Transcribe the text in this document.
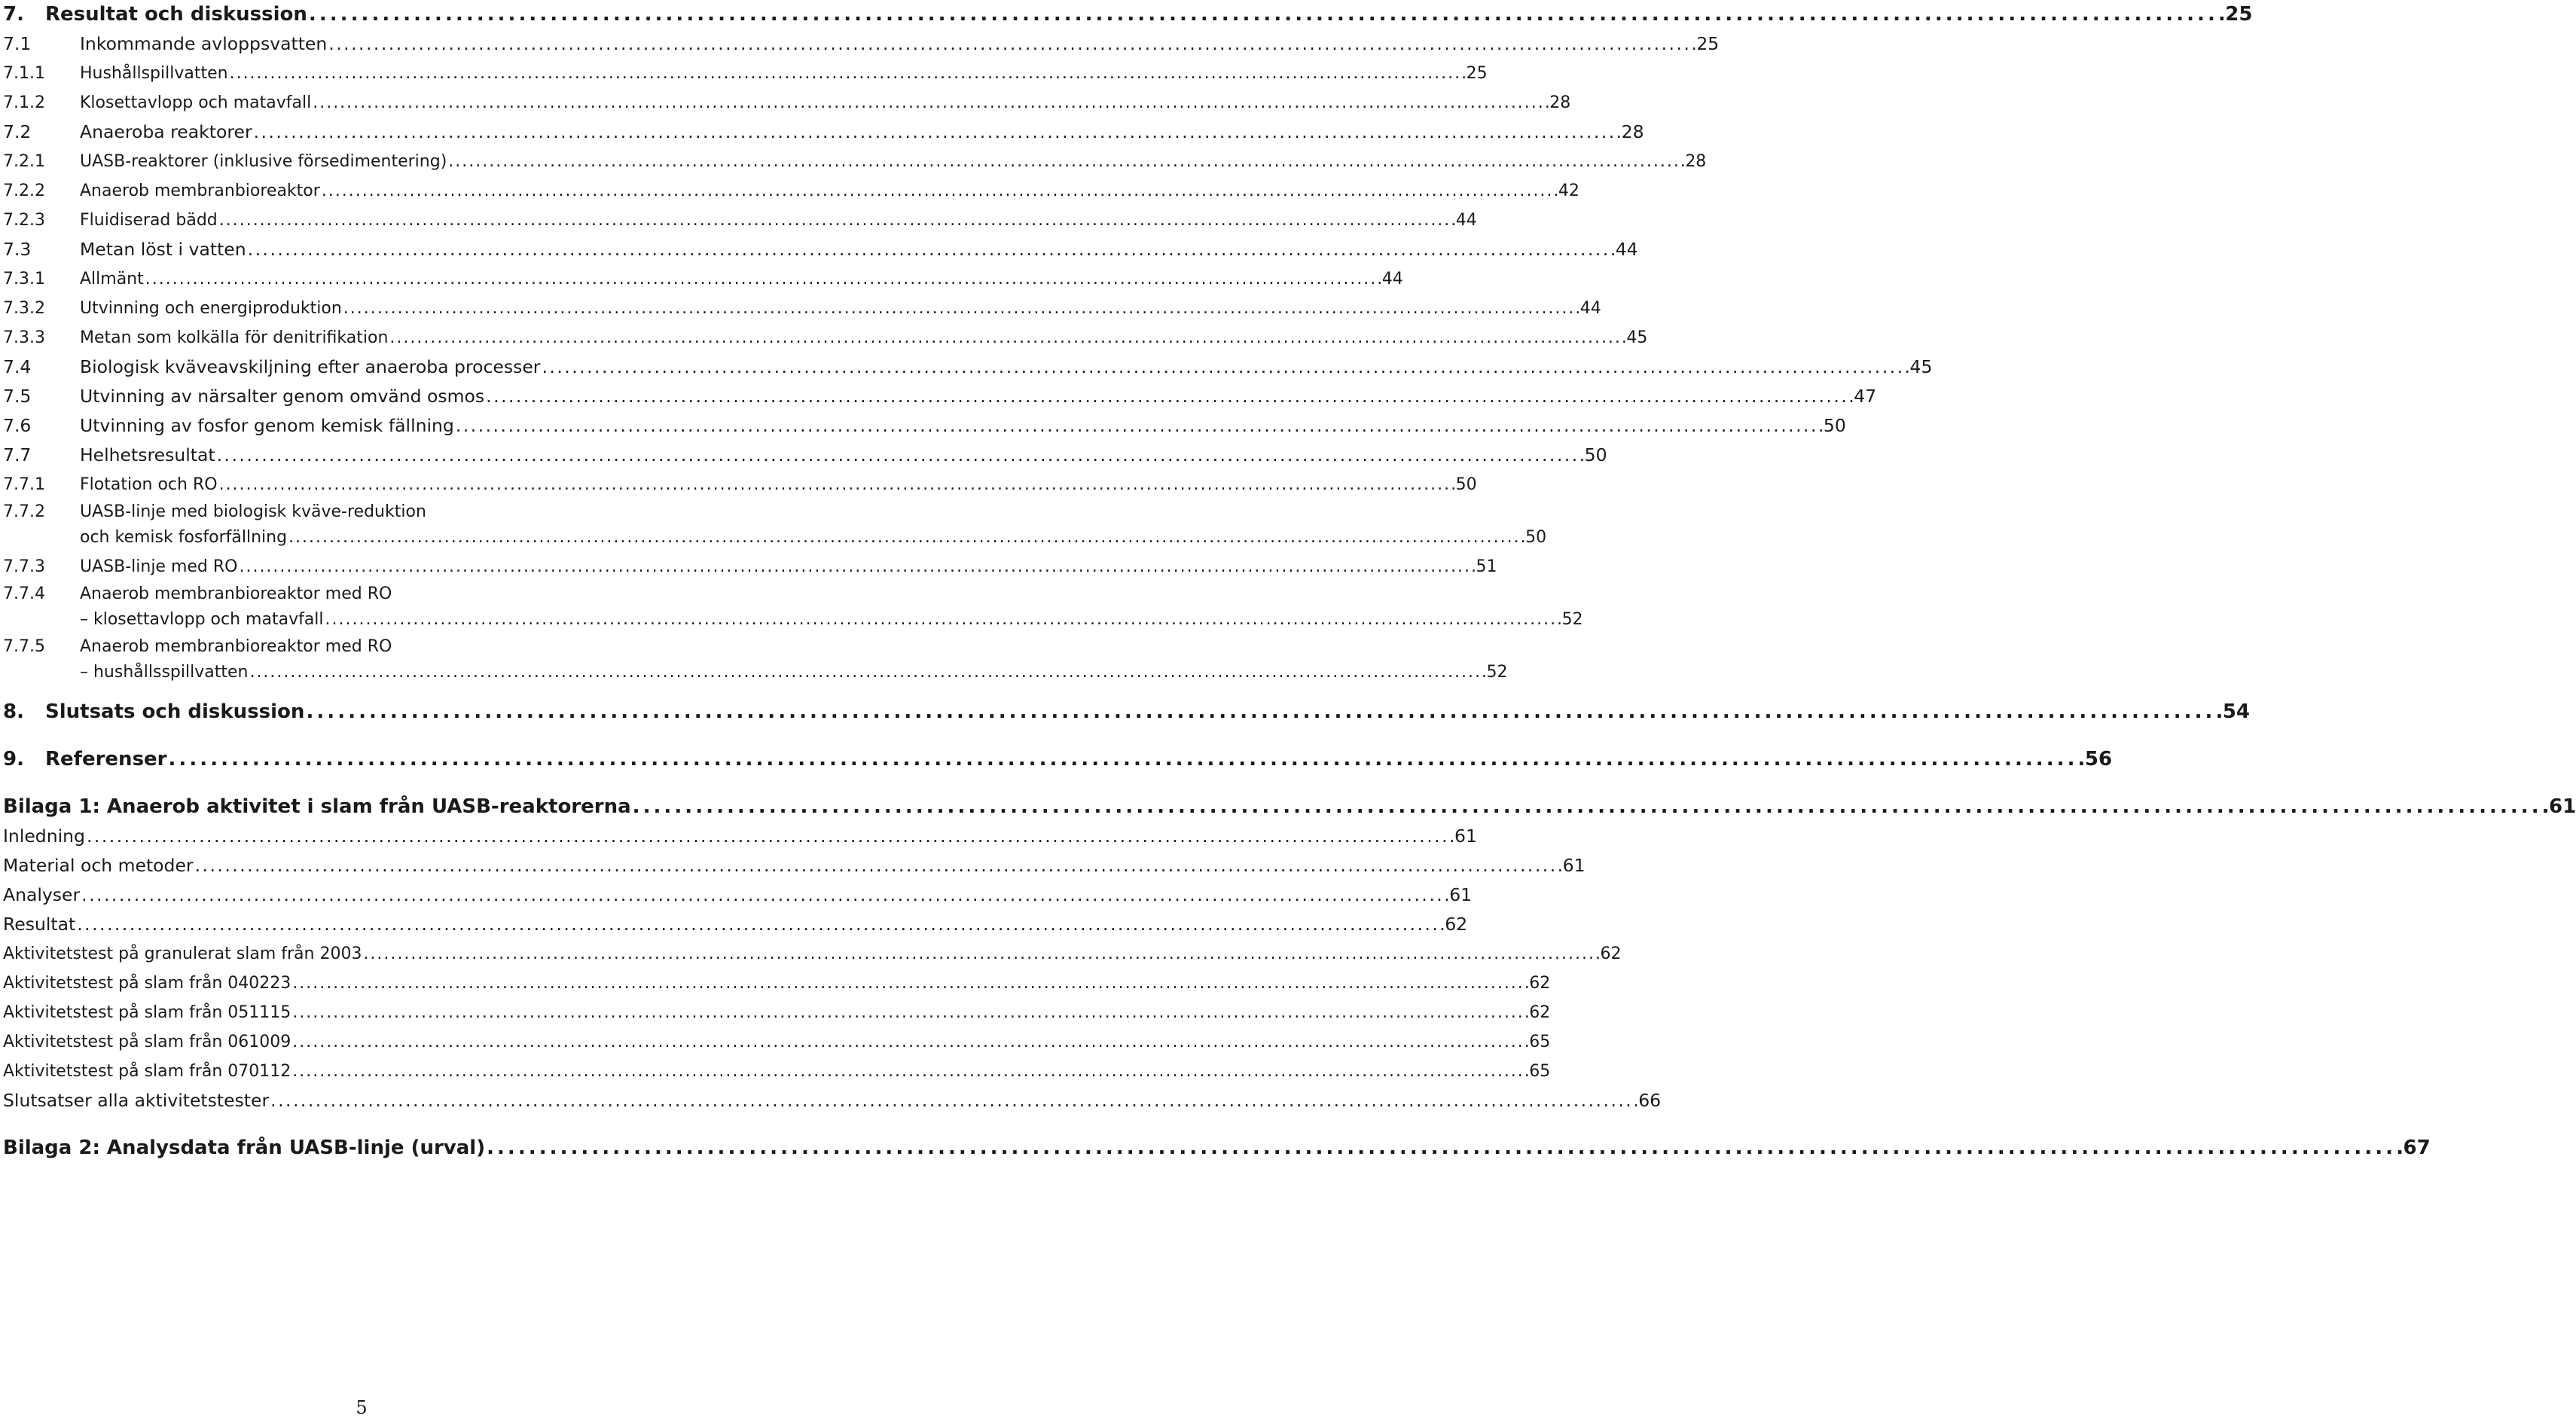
7.	Resultat och diskussion . . .	25
7.1	Inkommande avloppsvatten . . .	25
7.1.1	Hushållspillvatten . . .	25
7.1.2	Klosettavlopp och matavfall . . .	28
7.2	Anaeroba reaktorer . . .	28
7.2.1	UASB-reaktorer (inklusive försedimentering) . . .	28
7.2.2	Anaerob membranbioreaktor . . .	42
7.2.3	Fluidiserad bädd . . .	44
7.3	Metan löst i vatten . . .	44
7.3.1	Allmänt . . .	44
7.3.2	Utvinning och energiproduktion . . .	44
7.3.3	Metan som kolkälla för denitrifikation . . .	45
7.4	Biologisk kväveavskiljning efter anaeroba processer . . .	45
7.5	Utvinning av närsalter genom omvänd osmos . . .	47
7.6	Utvinning av fosfor genom kemisk fällning . . .	50
7.7	Helhetsresultat . . .	50
7.7.1	Flotation och RO . . .	50
7.7.2	UASB-linje med biologisk kväve-reduktion
och kemisk fosforfällning . . .	50
7.7.3	UASB-linje med RO . . .	51
7.7.4	Anaerob membranbioreaktor med RO
– klosettavlopp och matavfall . . .	52
7.7.5	Anaerob membranbioreaktor med RO
– hushållsspillvatten . . .	52
8.	Slutsats och diskussion . . .	54
9.	Referenser . . .	56
Bilaga 1: Anaerob aktivitet i slam från UASB-reaktorerna . . .	61
Inledning . . .	61
Material och metoder . . .	61
Analyser . . .	61
Resultat . . .	62
Aktivitetstest på granulerat slam från 2003 . . .	62
Aktivitetstest på slam från 040223 . . .	62
Aktivitetstest på slam från 051115 . . .	62
Aktivitetstest på slam från 061009 . . .	65
Aktivitetstest på slam från 070112 . . .	65
Slutsatser alla aktivitetstester . . .	66
Bilaga 2: Analysdata från UASB-linje (urval) . . .	67
5
